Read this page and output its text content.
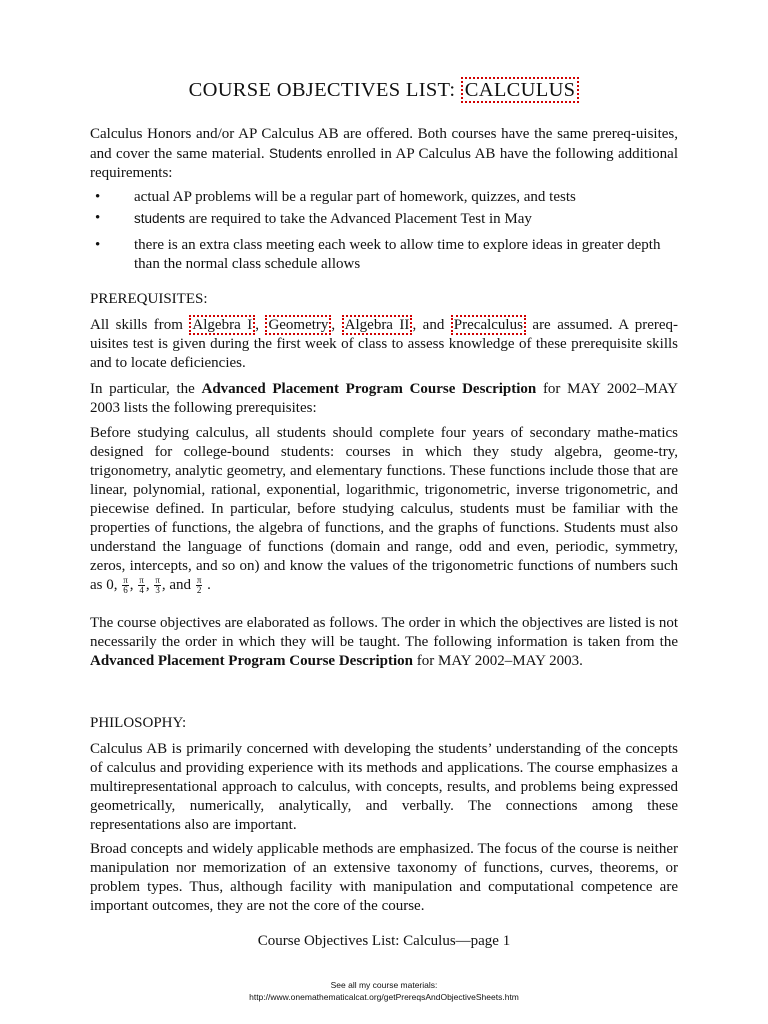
COURSE OBJECTIVES LIST: CALCULUS
Calculus Honors and/or AP Calculus AB are offered. Both courses have the same prereq-uisites, and cover the same material. Students enrolled in AP Calculus AB have the following additional requirements:
• actual AP problems will be a regular part of homework, quizzes, and tests
• students are required to take the Advanced Placement Test in May
• there is an extra class meeting each week to allow time to explore ideas in greater depth than the normal class schedule allows
PREREQUISITES:
All skills from Algebra I , Geometry , Algebra II , and Precalculus are assumed. A prereq-uisites test is given during the first week of class to assess knowledge of these prerequisite skills and to locate deficiencies.
In particular, the Advanced Placement Program Course Description for MAY 2002–MAY 2003 lists the following prerequisites:
Before studying calculus, all students should complete four years of secondary mathe-matics designed for college-bound students: courses in which they study algebra, geome-try, trigonometry, analytic geometry, and elementary functions. These functions include those that are linear, polynomial, rational, exponential, logarithmic, trigonometric, inverse trigonometric, and piecewise defined. In particular, before studying calculus, students must be familiar with the properties of functions, the algebra of functions, and the graphs of functions. Students must also understand the language of functions (domain and range, odd and even, periodic, symmetry, zeros, intercepts, and so on) and know the values of the trigonometric functions of numbers such as 0, $\frac{\pi}{6}$ , $\frac{\pi}{4}$ , $\frac{\pi}{3}$ , and $\frac{\pi}{2}$ .
The course objectives are elaborated as follows. The order in which the objectives are listed is not necessarily the order in which they will be taught. The following information is taken from the Advanced Placement Program Course Description for MAY 2002–MAY 2003.
PHILOSOPHY:
Calculus AB is primarily concerned with developing the students’ understanding of the concepts of calculus and providing experience with its methods and applications. The course emphasizes a multirepresentational approach to calculus, with concepts, results, and problems being expressed geometrically, numerically, analytically, and verbally. The connections among these representations also are important.
Broad concepts and widely applicable methods are emphasized. The focus of the course is neither manipulation nor memorization of an extensive taxonomy of functions, curves, theorems, or problem types. Thus, although facility with manipulation and computational competence are important outcomes, they are not the core of the course.
Course Objectives List: Calculus—page 1
See all my course materials:
http://www.onemathematicalcat.org/getPrereqsAndObjectiveSheets.htm
